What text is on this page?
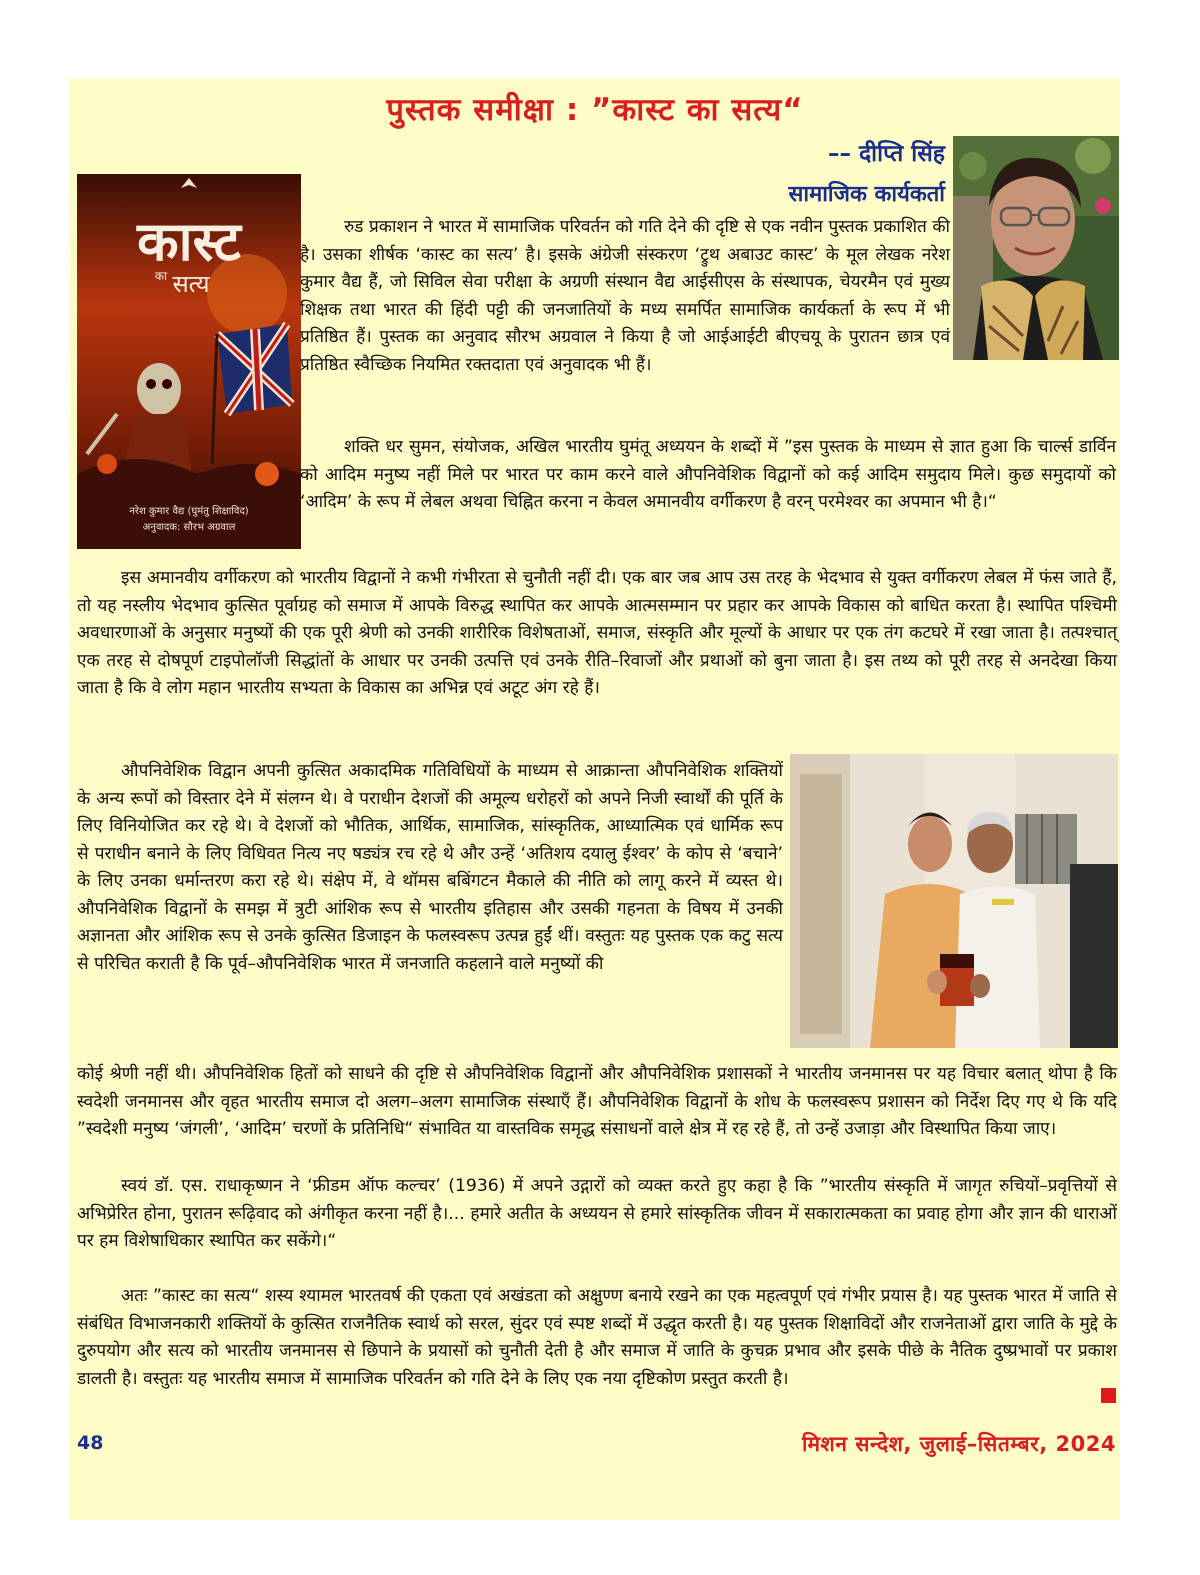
पुस्तक समीक्षा : ”कास्ट का सत्य“
–– दीप्ति सिंह
सामाजिक कार्यकर्ता
कास्ट
का सत्य
नरेश कुमार वैद्य (घुमंतु शिक्षाविद)
अनुवादक: सौरभ अग्रवाल

रुड प्रकाशन ने भारत में सामाजिक परिवर्तन को गति देने की दृष्टि से एक नवीन पुस्तक प्रकाशित की है। उसका शीर्षक ‘कास्ट का सत्य’ है। इसके अंग्रेजी संस्करण ‘ट्रुथ अबाउट कास्ट’ के मूल लेखक नरेश कुमार वैद्य हैं, जो सिविल सेवा परीक्षा के अग्रणी संस्थान वैद्य आईसीएस के संस्थापक, चेयरमैन एवं मुख्य शिक्षक तथा भारत की हिंदी पट्टी की जनजातियों के मध्य समर्पित सामाजिक कार्यकर्ता के रूप में भी प्रतिष्ठित हैं। पुस्तक का अनुवाद सौरभ अग्रवाल ने किया है जो आईआईटी बीएचयू के पुरातन छात्र एवं प्रतिष्ठित स्वैच्छिक नियमित रक्तदाता एवं अनुवादक भी हैं।

शक्ति धर सुमन, संयोजक, अखिल भारतीय घुमंतू अध्ययन के शब्दों में ”इस पुस्तक के माध्यम से ज्ञात हुआ कि चार्ल्स डार्विन को आदिम मनुष्य नहीं मिले पर भारत पर काम करने वाले औपनिवेशिक विद्वानों को कई आदिम समुदाय मिले। कुछ समुदायों को ‘आदिम’ के रूप में लेबल अथवा चिह्नित करना न केवल अमानवीय वर्गीकरण है वरन् परमेश्वर का अपमान भी है।“

इस अमानवीय वर्गीकरण को भारतीय विद्वानों ने कभी गंभीरता से चुनौती नहीं दी। एक बार जब आप उस तरह के भेदभाव से युक्त वर्गीकरण लेबल में फंस जाते हैं, तो यह नस्लीय भेदभाव कुत्सित पूर्वाग्रह को समाज में आपके विरुद्ध स्थापित कर आपके आत्मसम्मान पर प्रहार कर आपके विकास को बाधित करता है। स्थापित पश्चिमी अवधारणाओं के अनुसार मनुष्यों की एक पूरी श्रेणी को उनकी शारीरिक विशेषताओं, समाज, संस्कृति और मूल्यों के आधार पर एक तंग कटघरे में रखा जाता है। तत्पश्चात् एक तरह से दोषपूर्ण टाइपोलॉजी सिद्धांतों के आधार पर उनकी उत्पत्ति एवं उनके रीति–रिवाजों और प्रथाओं को बुना जाता है। इस तथ्य को पूरी तरह से अनदेखा किया जाता है कि वे लोग महान भारतीय सभ्यता के विकास का अभिन्न एवं अटूट अंग रहे हैं।

औपनिवेशिक विद्वान अपनी कुत्सित अकादमिक गतिविधियों के माध्यम से आक्रान्ता औपनिवेशिक शक्तियों के अन्य रूपों को विस्तार देने में संलग्न थे। वे पराधीन देशजों की अमूल्य धरोहरों को अपने निजी स्वार्थों की पूर्ति के लिए विनियोजित कर रहे थे। वे देशजों को भौतिक, आर्थिक, सामाजिक, सांस्कृतिक, आध्यात्मिक एवं धार्मिक रूप से पराधीन बनाने के लिए विधिवत नित्य नए षड्यंत्र रच रहे थे और उन्हें ‘अतिशय दयालु ईश्वर’ के कोप से ‘बचाने’ के लिए उनका धर्मान्तरण करा रहे थे। संक्षेप में, वे थॉमस बबिंगटन मैकाले की नीति को लागू करने में व्यस्त थे। औपनिवेशिक विद्वानों के समझ में त्रुटी आंशिक रूप से भारतीय इतिहास और उसकी गहनता के विषय में उनकी अज्ञानता और आंशिक रूप से उनके कुत्सित डिजाइन के फलस्वरूप उत्पन्न हुईं थीं। वस्तुतः यह पुस्तक एक कटु सत्य से परिचित कराती है कि पूर्व–औपनिवेशिक भारत में जनजाति कहलाने वाले मनुष्यों की

कोई श्रेणी नहीं थी। औपनिवेशिक हितों को साधने की दृष्टि से औपनिवेशिक विद्वानों और औपनिवेशिक प्रशासकों ने भारतीय जनमानस पर यह विचार बलात् थोपा है कि स्वदेशी जनमानस और वृहत भारतीय समाज दो अलग–अलग सामाजिक संस्थाएँ हैं। औपनिवेशिक विद्वानों के शोध के फलस्वरूप प्रशासन को निर्देश दिए गए थे कि यदि ”स्वदेशी मनुष्य ‘जंगली’, ‘आदिम’ चरणों के प्रतिनिधि“ संभावित या वास्तविक समृद्ध संसाधनों वाले क्षेत्र में रह रहे हैं, तो उन्हें उजाड़ा और विस्थापित किया जाए।

स्वयं डॉ. एस. राधाकृष्णन ने ‘फ्रीडम ऑफ कल्चर’ (1936) में अपने उद्गारों को व्यक्त करते हुए कहा है कि ”भारतीय संस्कृति में जागृत रुचियों–प्रवृत्तियों से अभिप्रेरित होना, पुरातन रूढ़िवाद को अंगीकृत करना नहीं है।... हमारे अतीत के अध्ययन से हमारे सांस्कृतिक जीवन में सकारात्मकता का प्रवाह होगा और ज्ञान की धाराओं पर हम विशेषाधिकार स्थापित कर सकेंगे।“

अतः ”कास्ट का सत्य“ शस्य श्यामल भारतवर्ष की एकता एवं अखंडता को अक्षुण्ण बनाये रखने का एक महत्वपूर्ण एवं गंभीर प्रयास है। यह पुस्तक भारत में जाति से संबंधित विभाजनकारी शक्तियों के कुत्सित राजनैतिक स्वार्थ को सरल, सुंदर एवं स्पष्ट शब्दों में उद्धृत करती है। यह पुस्तक शिक्षाविदों और राजनेताओं द्वारा जाति के मुद्दे के दुरुपयोग और सत्य को भारतीय जनमानस से छिपाने के प्रयासों को चुनौती देती है और समाज में जाति के कुचक्र प्रभाव और इसके पीछे के नैतिक दुष्प्रभावों पर प्रकाश डालती है। वस्तुतः यह भारतीय समाज में सामाजिक परिवर्तन को गति देने के लिए एक नया दृष्टिकोण प्रस्तुत करती है।

48	मिशन सन्देश, जुलाई–सितम्बर, 2024
